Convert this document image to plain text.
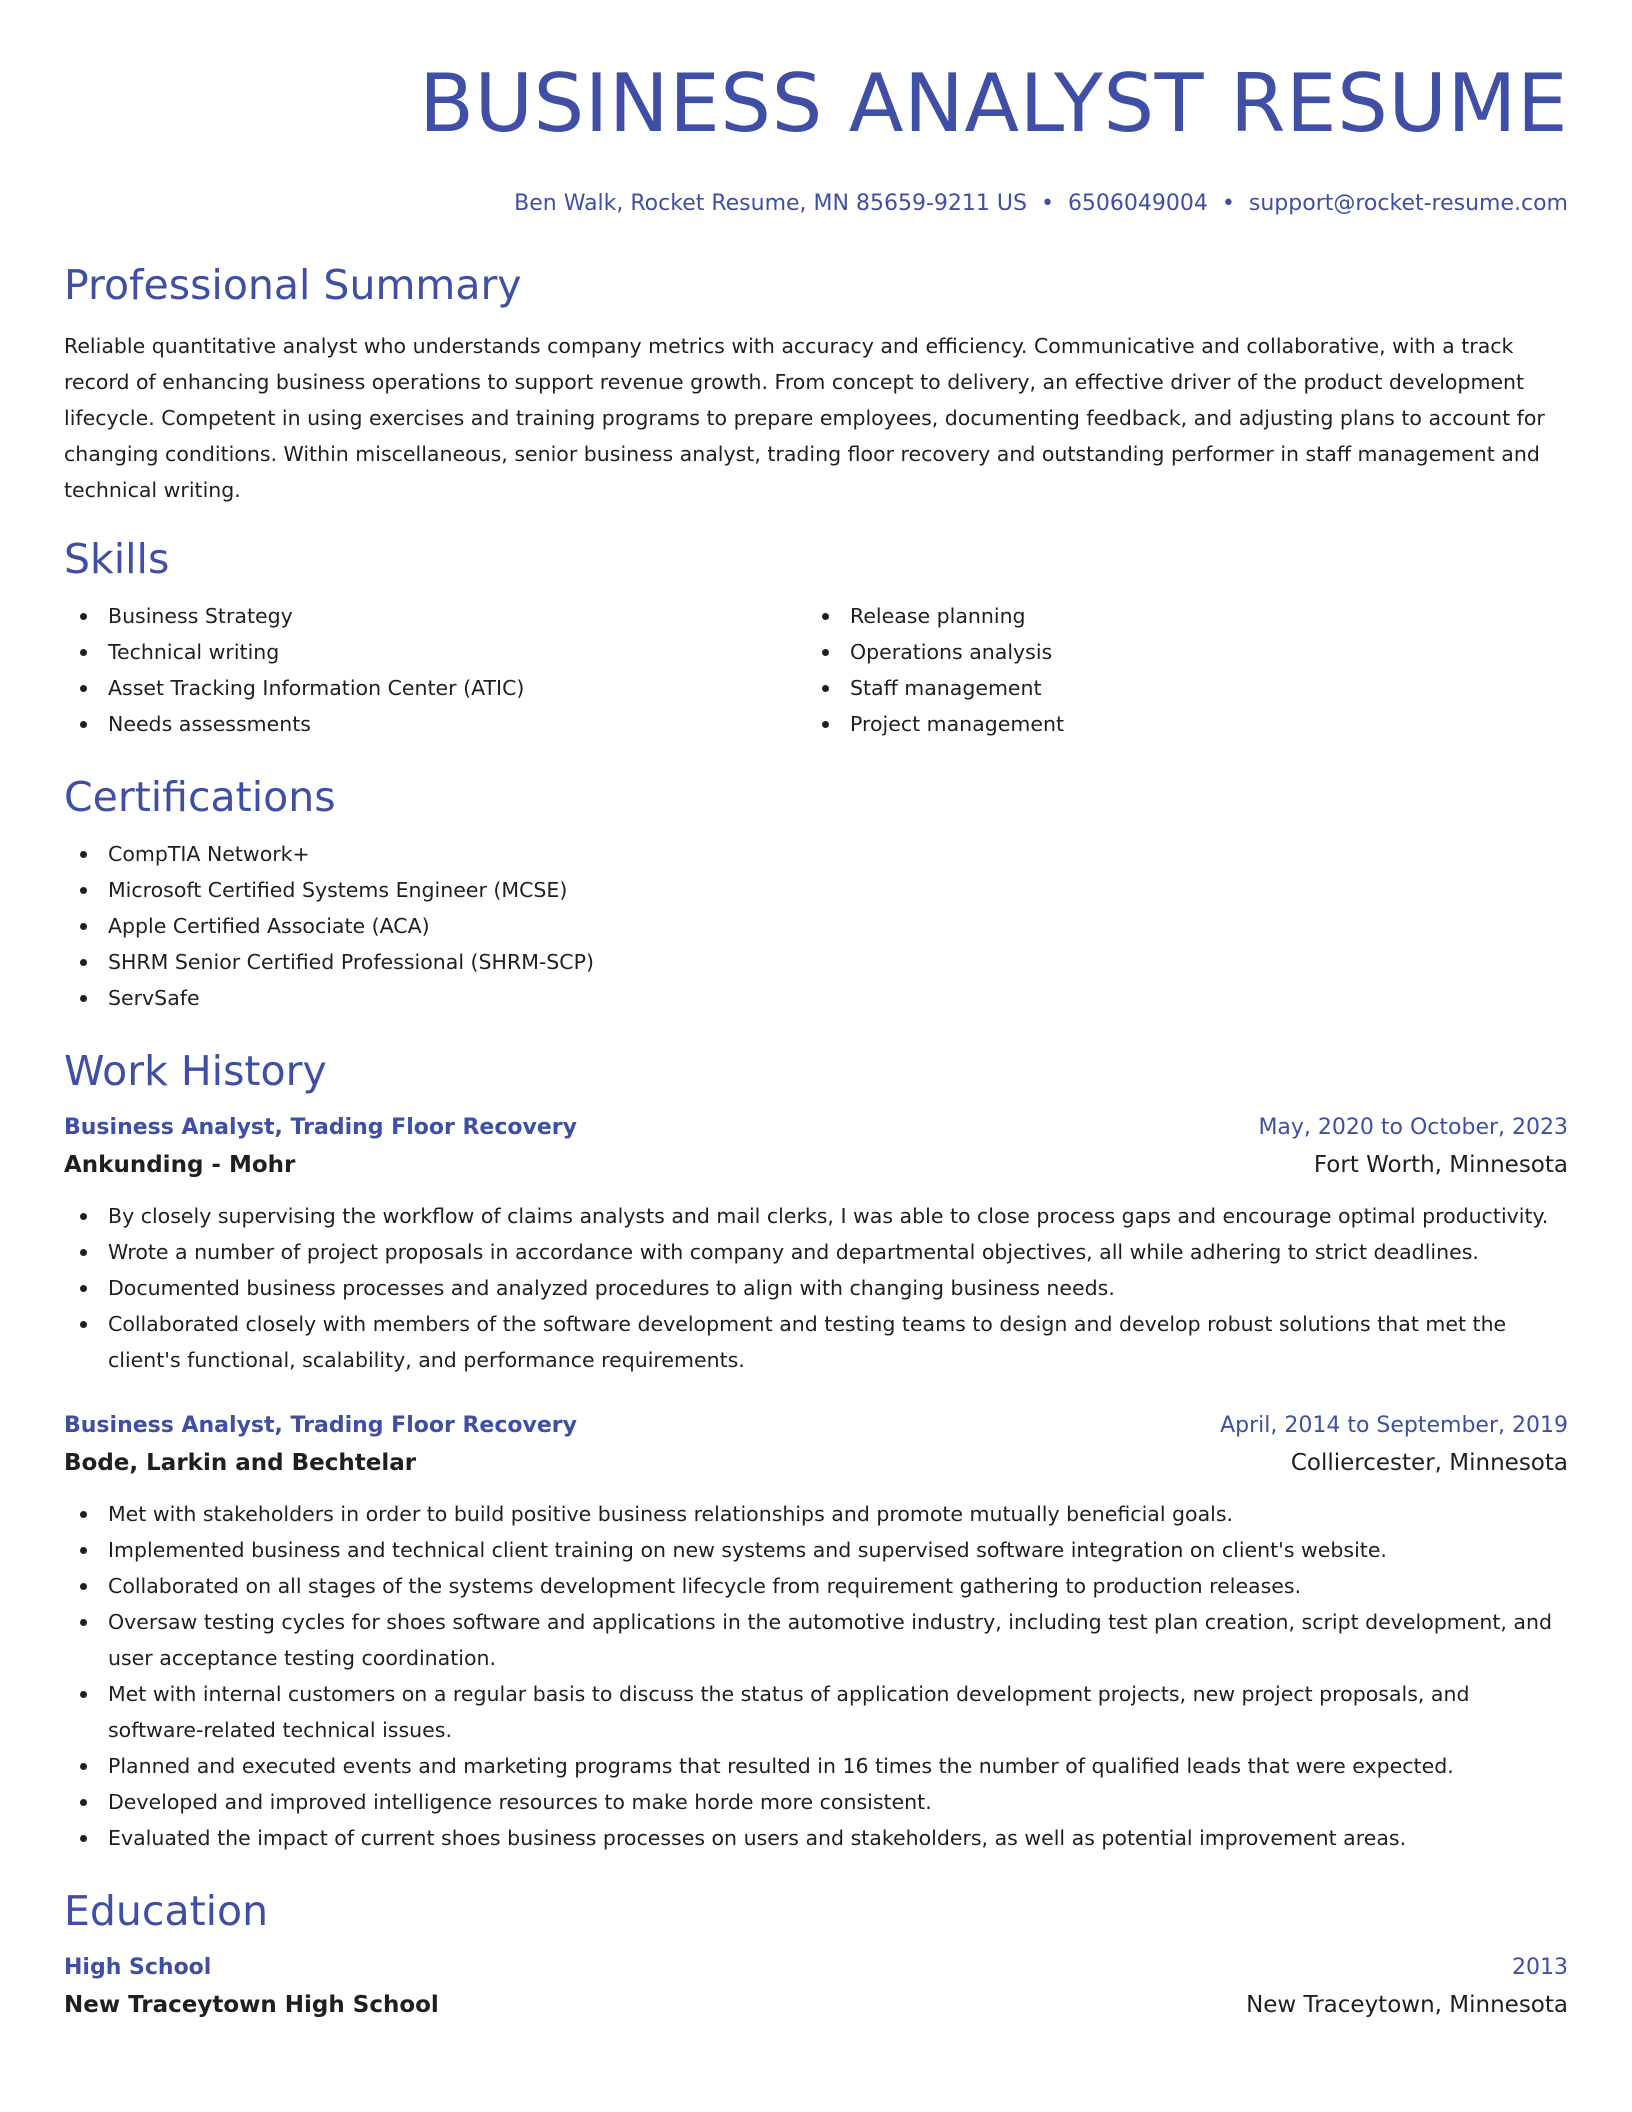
BUSINESS ANALYST RESUME
Ben Walk, Rocket Resume, MN 85659-9211 US • 6506049004 • support@rocket-resume.com
Professional Summary

Reliable quantitative analyst who understands company metrics with accuracy and efficiency. Communicative and collaborative, with a track record of enhancing business operations to support revenue growth. From concept to delivery, an effective driver of the product development lifecycle. Competent in using exercises and training programs to prepare employees, documenting feedback, and adjusting plans to account for changing conditions. Within miscellaneous, senior business analyst, trading floor recovery and outstanding performer in staff management and technical writing.

Skills
Business Strategy
Technical writing
Asset Tracking Information Center (ATIC)
Needs assessments
Release planning
Operations analysis
Staff management
Project management
Certifications
CompTIA Network+
Microsoft Certified Systems Engineer (MCSE)
Apple Certified Associate (ACA)
SHRM Senior Certified Professional (SHRM-SCP)
ServSafe
Work History
Business Analyst, Trading Floor Recovery	May, 2020 to October, 2023
Ankunding - Mohr	Fort Worth, Minnesota
By closely supervising the workflow of claims analysts and mail clerks, I was able to close process gaps and encourage optimal productivity.
Wrote a number of project proposals in accordance with company and departmental objectives, all while adhering to strict deadlines.
Documented business processes and analyzed procedures to align with changing business needs.
Collaborated closely with members of the software development and testing teams to design and develop robust solutions that met the client's functional, scalability, and performance requirements.
Business Analyst, Trading Floor Recovery	April, 2014 to September, 2019
Bode, Larkin and Bechtelar	Colliercester, Minnesota
Met with stakeholders in order to build positive business relationships and promote mutually beneficial goals.
Implemented business and technical client training on new systems and supervised software integration on client's website.
Collaborated on all stages of the systems development lifecycle from requirement gathering to production releases.
Oversaw testing cycles for shoes software and applications in the automotive industry, including test plan creation, script development, and user acceptance testing coordination.
Met with internal customers on a regular basis to discuss the status of application development projects, new project proposals, and software-related technical issues.
Planned and executed events and marketing programs that resulted in 16 times the number of qualified leads that were expected.
Developed and improved intelligence resources to make horde more consistent.
Evaluated the impact of current shoes business processes on users and stakeholders, as well as potential improvement areas.
Education
High School	2013
New Traceytown High School	New Traceytown, Minnesota
